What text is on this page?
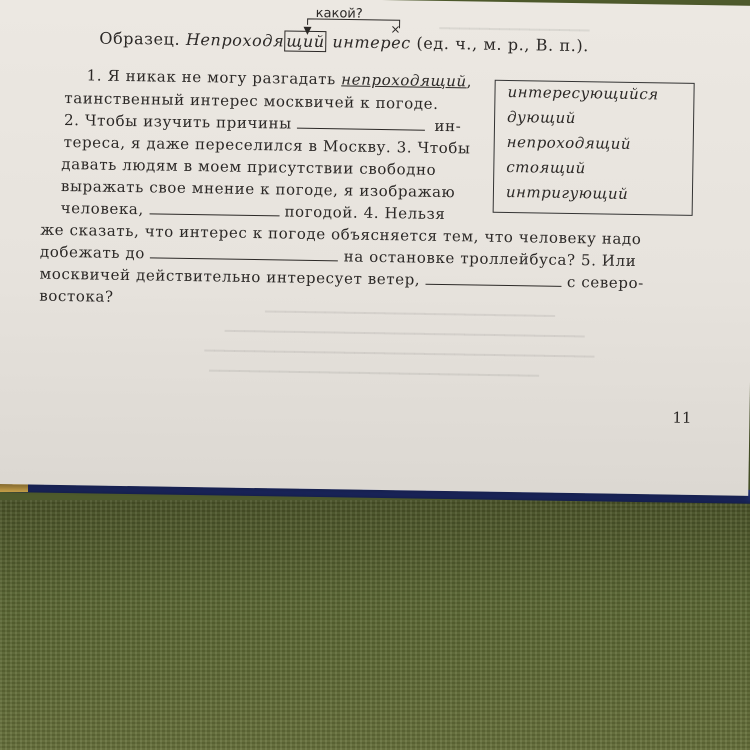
▁▁▁▁▁▁▁▁▁▁▁▁▁▁▁
▁▁▁▁▁▁▁▁▁▁▁▁▁▁▁▁▁▁▁▁▁▁▁▁▁▁▁▁▁
▁▁▁▁▁▁▁▁▁▁▁▁▁▁▁▁▁▁▁▁▁▁▁▁▁▁▁▁▁▁▁▁▁▁▁▁
▁▁▁▁▁▁▁▁▁▁▁▁▁▁▁▁▁▁▁▁▁▁▁▁▁▁▁▁▁▁▁▁▁▁▁▁▁▁▁
▁▁▁▁▁▁▁▁▁▁▁▁▁▁▁▁▁▁▁▁▁▁▁▁▁▁▁▁▁▁▁▁▁
какой?
×
Образец. Непроходя щий интерес (ед. ч., м. р., В. п.).
1. Я никак не могу разгадать непроходящий,
таинственный интерес москвичей к погоде.
2. Чтобы изучить причины	ин-
тереса, я даже переселился в Москву. 3. Чтобы
давать людям в моем присутствии свободно
выражать свое мнение к погоде, я изображаю
человека,	погодой. 4. Нельзя
же сказать, что интерес к погоде объясняется тем, что человеку надо
добежать до	на остановке троллейбуса? 5. Или
москвичей действительно интересует ветер,	с северо-
востока?
интересующийся
дующий
непроходящий
стоящий
интригующий
11
